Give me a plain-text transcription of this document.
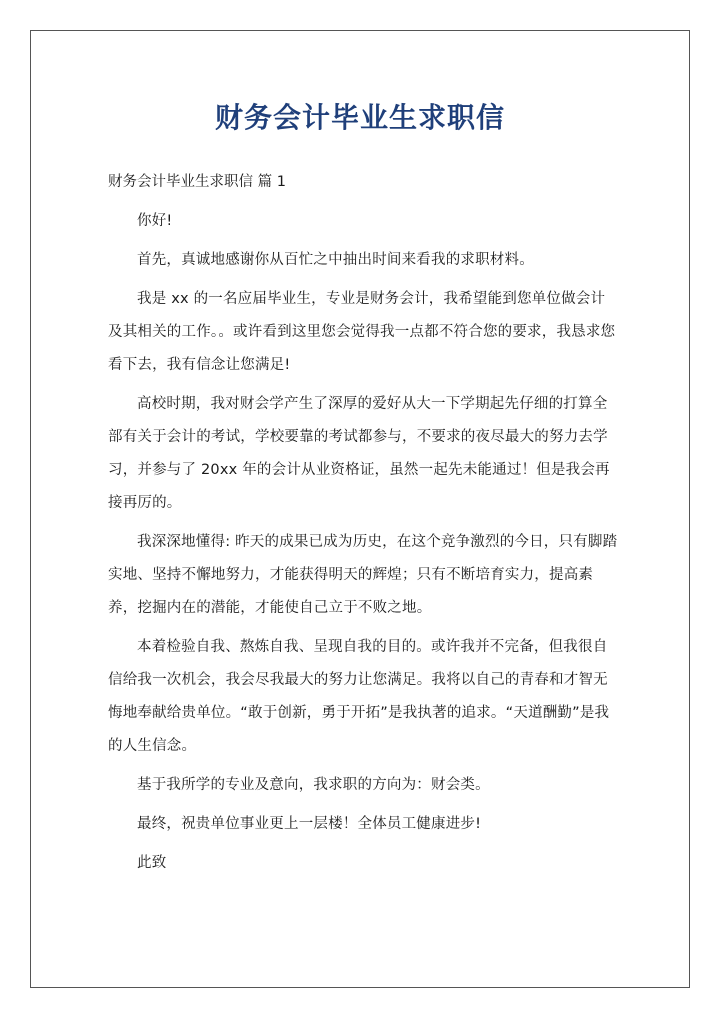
财务会计毕业生求职信
财务会计毕业生求职信 篇 1

你好!

首先，真诚地感谢你从百忙之中抽出时间来看我的求职材料。

我是 xx 的一名应届毕业生，专业是财务会计，我希望能到您单位做会计及其相关的工作。。或许看到这里您会觉得我一点都不符合您的要求，我恳求您看下去，我有信念让您满足!

高校时期，我对财会学产生了深厚的爱好从大一下学期起先仔细的打算全部有关于会计的考试，学校要靠的考试都参与，不要求的夜尽最大的努力去学习，并参与了 20xx 年的会计从业资格证，虽然一起先未能通过！但是我会再接再厉的。

我深深地懂得: 昨天的成果已成为历史，在这个竞争激烈的今日，只有脚踏实地、坚持不懈地努力，才能获得明天的辉煌；只有不断培育实力，提高素养，挖掘内在的潜能，才能使自己立于不败之地。

本着检验自我、熬炼自我、呈现自我的目的。或许我并不完备，但我很自信给我一次机会，我会尽我最大的努力让您满足。我将以自己的青春和才智无悔地奉献给贵单位。“敢于创新，勇于开拓”是我执著的追求。“天道酬勤”是我的人生信念。

基于我所学的专业及意向，我求职的方向为：财会类。

最终，祝贵单位事业更上一层楼！全体员工健康进步!

此致
